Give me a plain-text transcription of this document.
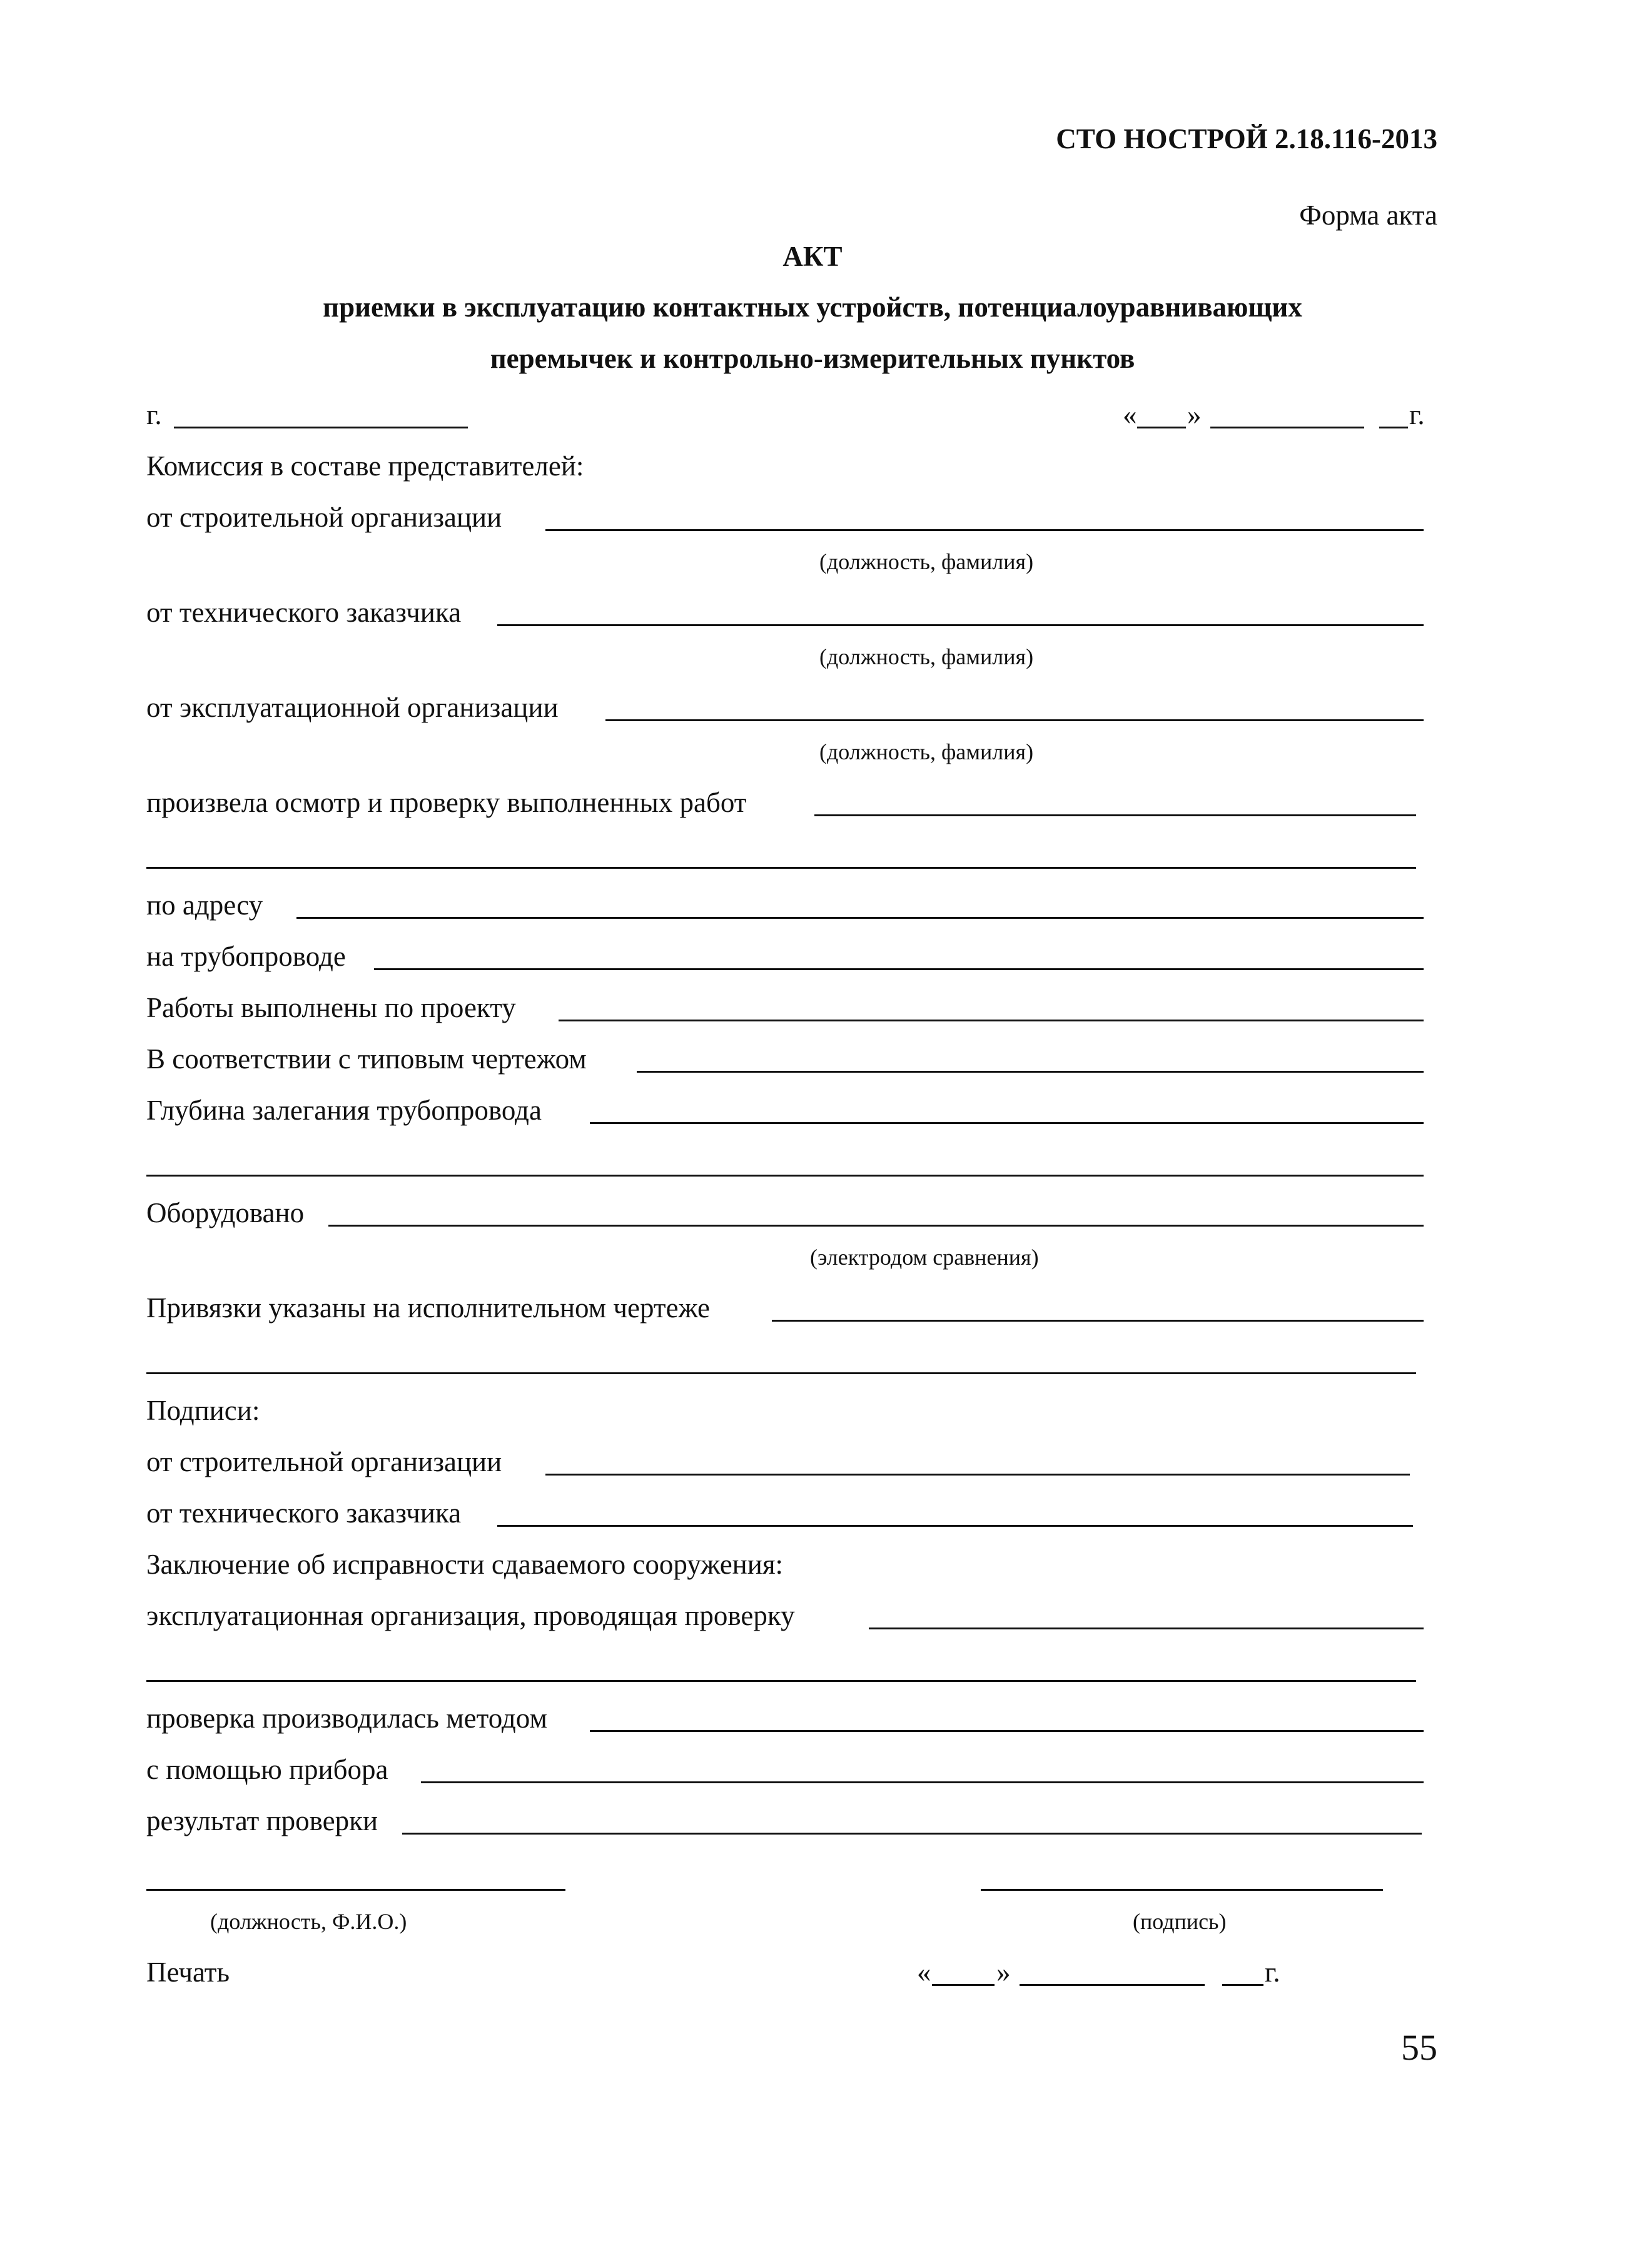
СТО НОСТРОЙ 2.18.116-2013
Форма акта
АКТ
приемки в эксплуатацию контактных устройств, потенциалоуравнивающих
перемычек и контрольно-измерительных пунктов
г.	« »	г.
Комиссия в составе представителей:
от строительной организации
(должность, фамилия)
от технического заказчика
(должность, фамилия)
от эксплуатационной организации
(должность, фамилия)
произвела осмотр и проверку выполненных работ
по адресу
на трубопроводе
Работы выполнены по проекту
В соответствии с типовым чертежом
Глубина залегания трубопровода
Оборудовано
(электродом сравнения)
Привязки указаны на исполнительном чертеже
Подписи:
от строительной организации
от технического заказчика
Заключение об исправности сдаваемого сооружения:
эксплуатационная организация, проводящая проверку
проверка производилась методом
с помощью прибора
результат проверки
(должность, Ф.И.О.)	(подпись)
Печать	« »	г.
55
